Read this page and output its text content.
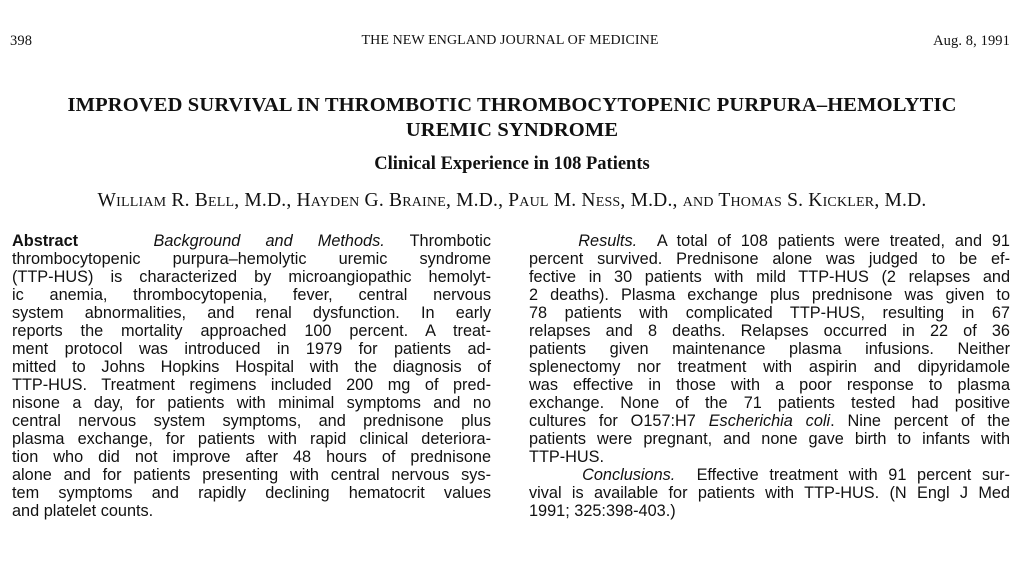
398	THE NEW ENGLAND JOURNAL OF MEDICINE	Aug. 8, 1991
IMPROVED SURVIVAL IN THROMBOTIC THROMBOCYTOPENIC PURPURA–HEMOLYTIC
UREMIC SYNDROME
Clinical Experience in 108 Patients
William R. Bell, M.D., Hayden G. Braine, M.D., Paul M. Ness, M.D., and Thomas S. Kickler, M.D.
Abstract	Background and Methods. Thrombotic
thrombocytopenic purpura–hemolytic uremic syndrome
(TTP-HUS) is characterized by microangiopathic hemolyt-
ic anemia, thrombocytopenia, fever, central nervous
system abnormalities, and renal dysfunction. In early
reports the mortality approached 100 percent. A treat-
ment protocol was introduced in 1979 for patients ad-
mitted to Johns Hopkins Hospital with the diagnosis of
TTP-HUS. Treatment regimens included 200 mg of pred-
nisone a day, for patients with minimal symptoms and no
central nervous system symptoms, and prednisone plus
plasma exchange, for patients with rapid clinical deteriora-
tion who did not improve after 48 hours of prednisone
alone and for patients presenting with central nervous sys-
tem symptoms and rapidly declining hematocrit values
and platelet counts.
Results. A total of 108 patients were treated, and 91
percent survived. Prednisone alone was judged to be ef-
fective in 30 patients with mild TTP-HUS (2 relapses and
2 deaths). Plasma exchange plus prednisone was given to
78 patients with complicated TTP-HUS, resulting in 67
relapses and 8 deaths. Relapses occurred in 22 of 36
patients given maintenance plasma infusions. Neither
splenectomy nor treatment with aspirin and dipyridamole
was effective in those with a poor response to plasma
exchange. None of the 71 patients tested had positive
cultures for O157:H7 Escherichia coli. Nine percent of the
patients were pregnant, and none gave birth to infants with
TTP-HUS.
Conclusions. Effective treatment with 91 percent sur-
vival is available for patients with TTP-HUS. (N Engl J Med
1991; 325:398-403.)
